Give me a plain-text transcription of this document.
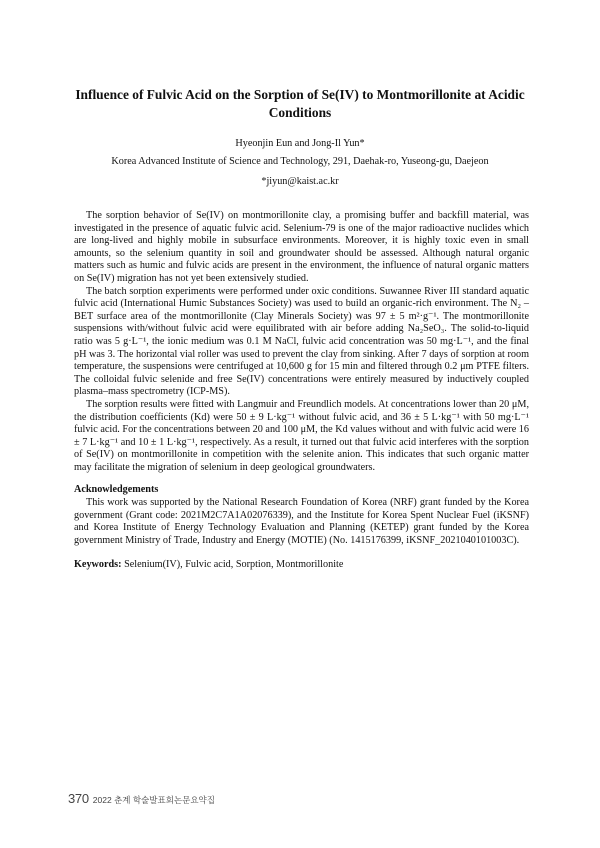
Influence of Fulvic Acid on the Sorption of Se(IV) to Montmorillonite at Acidic Conditions
Hyeonjin Eun and Jong-Il Yun*
Korea Advanced Institute of Science and Technology, 291, Daehak-ro, Yuseong-gu, Daejeon
*jiyun@kaist.ac.kr

The sorption behavior of Se(IV) on montmorillonite clay, a promising buffer and backfill material, was investigated in the presence of aquatic fulvic acid. Selenium-79 is one of the major radioactive nuclides which are long-lived and highly mobile in subsurface environments. Moreover, it is highly toxic even in small amounts, so the selenium quantity in soil and groundwater should be assessed. Although natural organic matters such as humic and fulvic acids are present in the environment, the influence of natural organic matters on Se(IV) migration has not yet been extensively studied.

The batch sorption experiments were performed under oxic conditions. Suwannee River III standard aquatic fulvic acid (International Humic Substances Society) was used to build an organic-rich environment. The N₂ – BET surface area of the montmorillonite (Clay Minerals Society) was 97 ± 5 m²·g⁻¹. The montmorillonite suspensions with/without fulvic acid were equilibrated with air before adding Na₂SeO₃. The solid-to-liquid ratio was 5 g·L⁻¹, the ionic medium was 0.1 M NaCl, fulvic acid concentration was 50 mg·L⁻¹, and the final pH was 3. The horizontal vial roller was used to prevent the clay from sinking. After 7 days of sorption at room temperature, the suspensions were centrifuged at 10,600 g for 15 min and filtered through 0.2 μm PTFE filters. The colloidal fulvic selenide and free Se(IV) concentrations were entirely measured by inductively coupled plasma–mass spectrometry (ICP-MS).

The sorption results were fitted with Langmuir and Freundlich models. At concentrations lower than 20 μM, the distribution coefficients (Kd) were 50 ± 9 L·kg⁻¹ without fulvic acid, and 36 ± 5 L·kg⁻¹ with 50 mg·L⁻¹ fulvic acid. For the concentrations between 20 and 100 μM, the Kd values without and with fulvic acid were 16 ± 7 L·kg⁻¹ and 10 ± 1 L·kg⁻¹, respectively. As a result, it turned out that fulvic acid interferes with the sorption of Se(IV) on montmorillonite in competition with the selenite anion. This indicates that such organic matter may facilitate the migration of selenium in deep geological groundwaters.

Acknowledgements

This work was supported by the National Research Foundation of Korea (NRF) grant funded by the Korea government (Grant code: 2021M2C7A1A02076339), and the Institute for Korea Spent Nuclear Fuel (iKSNF) and Korea Institute of Energy Technology Evaluation and Planning (KETEP) grant funded by the Korea government Ministry of Trade, Industry and Energy (MOTIE) (No. 1415176399, iKSNF_2021040101003C).

Keywords: Selenium(IV), Fulvic acid, Sorption, Montmorillonite

370 2022 춘계 학술발표회논문요약집
